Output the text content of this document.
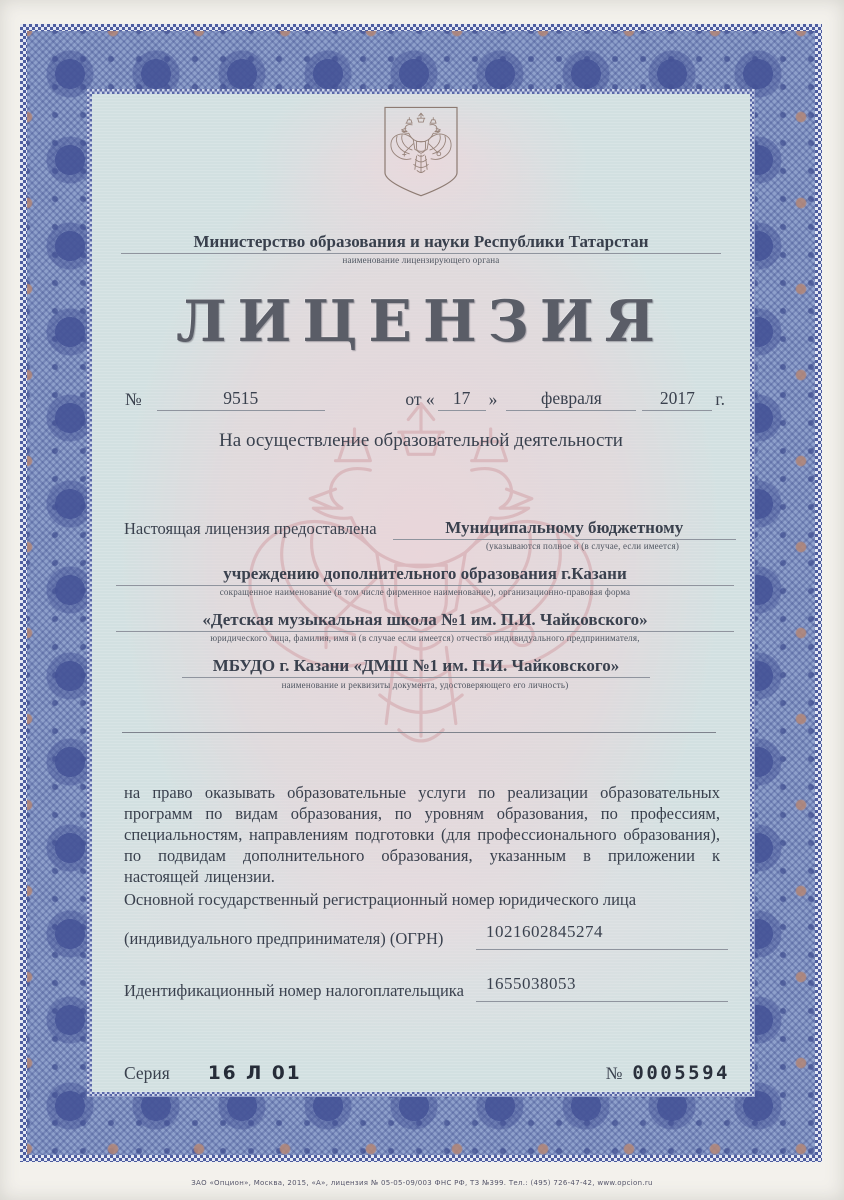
Министерство образования и науки Республики Татарстан
наименование лицензирующего органа
ЛИЦЕНЗИЯ
№	9515	от «	17	»	февраля	2017	г.
На осуществление образовательной деятельности
Настоящая лицензия предоставлена	Муниципальному бюджетному
(указываются полное и (в случае, если имеется)
учреждению дополнительного образования г.Казани
сокращенное наименование (в том числе фирменное наименование), организационно-правовая форма
«Детская музыкальная школа №1 им. П.И. Чайковского»
юридического лица, фамилия, имя и (в случае если имеется) отчество индивидуального предпринимателя,
МБУДО г. Казани «ДМШ №1 им. П.И. Чайковского»
наименование и реквизиты документа, удостоверяющего его личность)
на право оказывать образовательные услуги по реализации образовательных программ по видам образования, по уровням образования, по профессиям, специальностям, направлениям подготовки (для профессионального образования), по подвидам дополнительного образования, указанным в приложении к настоящей лицензии.
Основной государственный регистрационный номер юридического лица
(индивидуального предпринимателя) (ОГРН)	1021602845274
Идентификационный номер налогоплательщика	1655038053
Серия 16 Л 01	№ 0005594
ЗАО «Опцион», Москва, 2015, «А», лицензия № 05-05-09/003 ФНС РФ, ТЗ №399. Тел.: (495) 726-47-42, www.opcion.ru
